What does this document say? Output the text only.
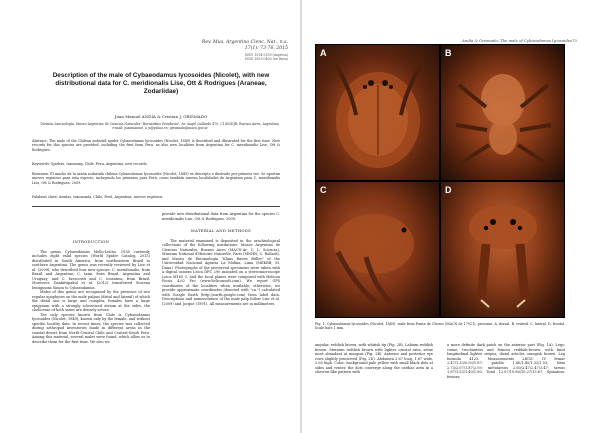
Rev. Mus. Argentino Cienc. Nat., n.s.
17(1): 73-76, 2015
ISSN 1514-5158 (impresa)
ISSN 1853-0400 (en línea)
Description of the male of Cybaeodamus lycosoides (Nicolet), with new distributional data for C. meridionalis Lise, Ott & Rodrigues (Araneae, Zodariidae)
Juan Manuel ANDÍA & Cristian J. GRISMADO
División Aracnología, Museo Argentino de Ciencias Naturales "Bernardino Rivadavia", Av. Ángel Gallardo 470, C1405DJR, Buenos Aires, Argentina; e-mail: juanmanuel_a_n@yahoo.es; grismado@macn.gov.ar
Abstract: The male of the Chilean zodariid spider Cybaeodamus lycosoides (Nicolet, 1849) is described and illustrated for the first time. New records for this species are provided, including the first from Peru, as also new localities from Argentina for C. meridionalis Lise, Ott & Rodrigues.
Keywords: Spiders, taxonomy, Chile, Peru, Argentina, new records.
Resumen: El macho de la araña zodariida chilena Cybaeodamus lycosoides (Nicolet, 1849) es descripto e ilustrado por primera vez. Se aportan nuevos registros para esta especie, incluyendo los primeros para Perú, como también nuevas localidades de Argentina para C. meridionalis Lise, Ott & Rodrigues, 2009.
Palabras clave: Arañas, taxonomía, Chile, Perú, Argentina, nuevos registros.
INTRODUCTION

The genus Cybaeodamus Mello-Leitão, 1938 currently includes eight valid species (World Spider Catalog, 2015) distributed in South America, from northeastern Brazil to southern Argentina. The genus was recently reviewed by Lise et al. (2009), who described four new species: C. meridionalis, from Brazil and Argentina; C. taim, from Brazil, Argentina and Uruguay; and C. brescoviti and C. tocantins, from Brazil. Moreover, Dankittipakul et al. (2012) transferred Storena lentiginosa Simon to Cybaeodamus.

Males of this genus are recognized by the presence of two regular apophyses on the male palpus (distal and lateral) of which the distal one is large and complex; females have a large epigynum with a strongly sclerotized atrium at the sides, the chelicerae of both sexes are densely setose.

The only species known from Chile is Cybaeodamus lycosoides (Nicolet, 1849), known only by the female, and without specific locality data. In recent times, the species was collected during arthropod inventories made in different areas in the coastal desert from North-Central Chile and Central-South Peru. Among this material, several males were found, which allow us to describe them for the first time. We also we

provide new distributional data from Argentina for the species C. meridionalis Lise, Ott & Rodrigues, 2009.

MATERIAL AND METHODS

The material examined is deposited in the arachnological collections of the following institutions: Museo Argentino de Ciencias Naturales, Buenos Aires (MACN-Ar; C. L. Scioscia), Museum National d'Histoire Naturelle, Paris (MNHN; C. Rollard), and Museo de Entomología "Klaus Raven Büller" of the Universidad Nacional Agraria La Molina, Lima (MEKRB; M. Dana). Photographs of the preserved specimens were taken with a digital camera Leica DFC 290 mounted on a stereomicroscope Leica M165 C, and the focal planes were composed with Helicon Focus 4.62 Pro (www.heliconsoft.com). We report GPS coordinates of the localities when available; otherwise, we provide approximate coordinates (denoted with "ca.") calculated with Google Earth (http://earth.google.com) from label data. Descriptions and nomenclature of the male palp follow Lise et al. (2009) and Jocqué (1991). All measurements are in millimeters.

Andía & Grismado: The male of Cybaeodamus lycosoides 73
A	B
C	D
Fig. 1. Cybaeodamus lycosoides (Nicolet, 1849), male from Punta de Choros (MACN-Ar 17021), prosoma. A, dorsal. B, ventral. C, lateral. D, frontal. Scale bars 1 mm.
angular, reddish brown, with whitish tip (Fig. 2B). Labium reddish brown. Sternum reddish brown with lighter central area, setae most abundant at margins (Fig. 2B). Anterior and posterior eye rows slightly procurved (Fig. 2D). Abdomen 2.67 long, 1.67 wide, 2.60 high. Color: background pale yellow with small black dots at sides and venter, the dots converge along the cardiac area in a chevron-like pattern with
a more definite dark patch on the anterior part (Fig. 1A). Legs: coxae, trochanters and femora reddish-brown, with faint longitudinal lighter stripes; distal articles orangish brown. Leg formula 4123. Measurements LEGS: IV femur 2.47/1.33/0.93/1.87; patella 1.40/1.40/1.33/1.53; tibia 2.73/2.07/1.87/2.93; metatarsus 2.60/2.47/2.47/3.47; tarsus 1.87/1.53/1.40/1.80. Total 12.07/10.80/10.27/13.67. Spination: femora
